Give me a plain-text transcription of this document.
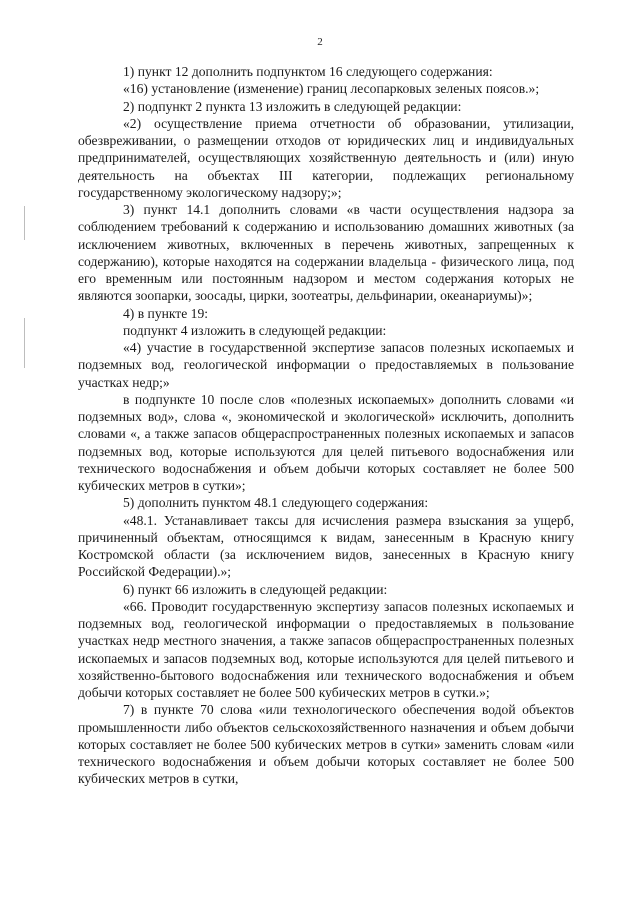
2

1) пункт 12 дополнить подпунктом 16 следующего содержания:

«16) установление (изменение) границ лесопарковых зеленых поясов.»;

2) подпункт 2 пункта 13 изложить в следующей редакции:

«2) осуществление приема отчетности об образовании, утилизации, обезвреживании, о размещении отходов от юридических лиц и индивидуальных предпринимателей, осуществляющих хозяйственную деятельность и (или) иную деятельность на объектах III категории, подлежащих региональному государственному экологическому надзору;»;

3) пункт 14.1 дополнить словами «в части осуществления надзора за соблюдением требований к содержанию и использованию домашних животных (за исключением животных, включенных в перечень животных, запрещенных к содержанию), которые находятся на содержании владельца - физического лица, под его временным или постоянным надзором и местом содержания которых не являются зоопарки, зоосады, цирки, зоотеатры, дельфинарии, океанариумы)»;

4) в пункте 19:

подпункт 4 изложить в следующей редакции:

«4) участие в государственной экспертизе запасов полезных ископаемых и подземных вод, геологической информации о предоставляемых в пользование участках недр;»

в подпункте 10 после слов «полезных ископаемых» дополнить словами «и подземных вод», слова «, экономической и экологической» исключить, дополнить словами «, а также запасов общераспространенных полезных ископаемых и запасов подземных вод, которые используются для целей питьевого водоснабжения или технического водоснабжения и объем добычи которых составляет не более 500 кубических метров в сутки»;

5) дополнить пунктом 48.1 следующего содержания:

«48.1. Устанавливает таксы для исчисления размера взыскания за ущерб, причиненный объектам, относящимся к видам, занесенным в Красную книгу Костромской области (за исключением видов, занесенных в Красную книгу Российской Федерации).»;

6) пункт 66 изложить в следующей редакции:

«66. Проводит государственную экспертизу запасов полезных ископаемых и подземных вод, геологической информации о предоставляемых в пользование участках недр местного значения, а также запасов общераспространенных полезных ископаемых и запасов подземных вод, которые используются для целей питьевого и хозяйственно-бытового водоснабжения или технического водоснабжения и объем добычи которых составляет не более 500 кубических метров в сутки.»;

7) в пункте 70 слова «или технологического обеспечения водой объектов промышленности либо объектов сельскохозяйственного назначения и объем добычи которых составляет не более 500 кубических метров в сутки» заменить словам «или технического водоснабжения и объем добычи которых составляет не более 500 кубических метров в сутки,
